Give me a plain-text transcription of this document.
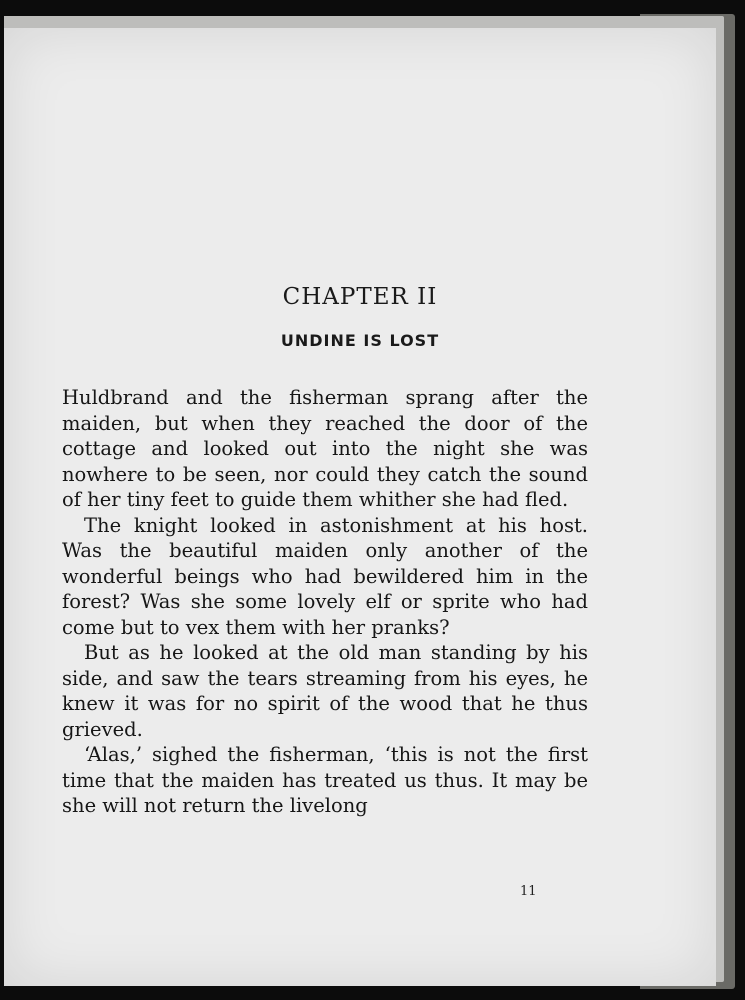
CHAPTER II
UNDINE IS LOST

Huldbrand and the fisherman sprang after the maiden, but when they reached the door of the cottage and looked out into the night she was nowhere to be seen, nor could they catch the sound of her tiny feet to guide them whither she had fled.

The knight looked in astonishment at his host. Was the beautiful maiden only another of the wonderful beings who had bewildered him in the forest? Was she some lovely elf or sprite who had come but to vex them with her pranks?

But as he looked at the old man standing by his side, and saw the tears streaming from his eyes, he knew it was for no spirit of the wood that he thus grieved.

‘Alas,’ sighed the fisherman, ‘this is not the first time that the maiden has treated us thus. It may be she will not return the livelong

11
